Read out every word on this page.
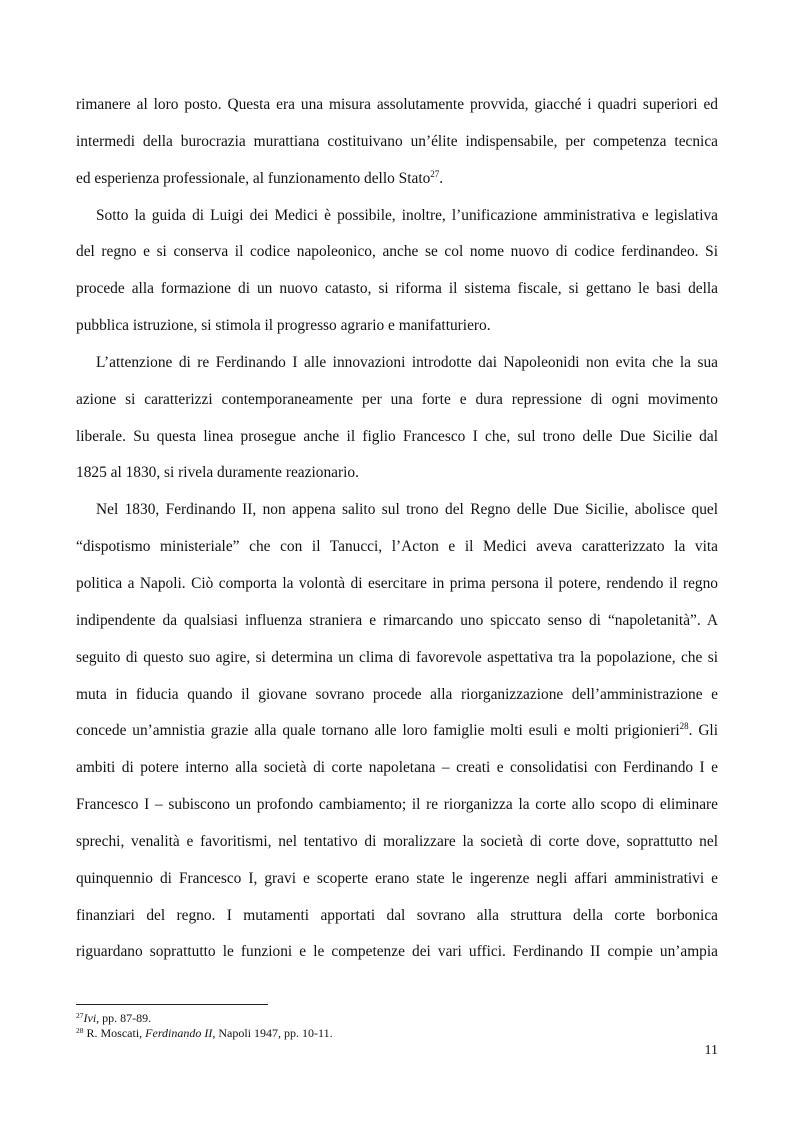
rimanere al loro posto. Questa era una misura assolutamente provvida, giacché i quadri superiori ed
intermedi della burocrazia murattiana costituivano un’élite indispensabile, per competenza tecnica
ed esperienza professionale, al funzionamento dello Stato$^{27}$.
Sotto la guida di Luigi dei Medici è possibile, inoltre, l’unificazione amministrativa e legislativa
del regno e si conserva il codice napoleonico, anche se col nome nuovo di codice ferdinandeo. Si
procede alla formazione di un nuovo catasto, si riforma il sistema fiscale, si gettano le basi della
pubblica istruzione, si stimola il progresso agrario e manifatturiero.
L’attenzione di re Ferdinando I alle innovazioni introdotte dai Napoleonidi non evita che la sua
azione si caratterizzi contemporaneamente per una forte e dura repressione di ogni movimento
liberale. Su questa linea prosegue anche il figlio Francesco I che, sul trono delle Due Sicilie dal
1825 al 1830, si rivela duramente reazionario.
Nel 1830, Ferdinando II, non appena salito sul trono del Regno delle Due Sicilie, abolisce quel
“dispotismo ministeriale” che con il Tanucci, l’Acton e il Medici aveva caratterizzato la vita
politica a Napoli. Ciò comporta la volontà di esercitare in prima persona il potere, rendendo il regno
indipendente da qualsiasi influenza straniera e rimarcando uno spiccato senso di “napoletanità”. A
seguito di questo suo agire, si determina un clima di favorevole aspettativa tra la popolazione, che si
muta in fiducia quando il giovane sovrano procede alla riorganizzazione dell’amministrazione e
concede un’amnistia grazie alla quale tornano alle loro famiglie molti esuli e molti prigionieri$^{28}$. Gli
ambiti di potere interno alla società di corte napoletana – creati e consolidatisi con Ferdinando I e
Francesco I – subiscono un profondo cambiamento; il re riorganizza la corte allo scopo di eliminare
sprechi, venalità e favoritismi, nel tentativo di moralizzare la società di corte dove, soprattutto nel
quinquennio di Francesco I, gravi e scoperte erano state le ingerenze negli affari amministrativi e
finanziari del regno. I mutamenti apportati dal sovrano alla struttura della corte borbonica
riguardano soprattutto le funzioni e le competenze dei vari uffici. Ferdinando II compie un’ampia
$^{27}$Ivi, pp. 87-89.
$^{28}$ R. Moscati, Ferdinando II, Napoli 1947, pp. 10-11.
11
